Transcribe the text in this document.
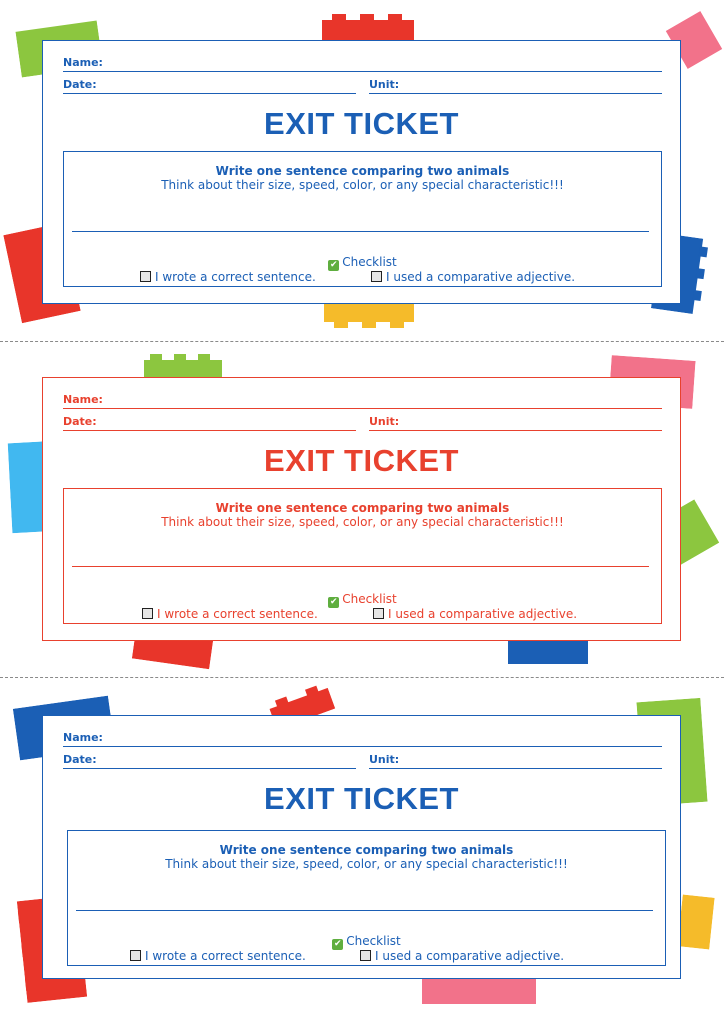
Name:
Date:	Unit:
EXIT TICKET
Write one sentence comparing two animals
Think about their size, speed, color, or any special characteristic!!!
✔ Checklist
I wrote a correct sentence.	I used a comparative adjective.
Name:
Date:	Unit:
EXIT TICKET
Write one sentence comparing two animals
Think about their size, speed, color, or any special characteristic!!!
✔ Checklist
I wrote a correct sentence.	I used a comparative adjective.
Name:
Date:	Unit:
EXIT TICKET
Write one sentence comparing two animals
Think about their size, speed, color, or any special characteristic!!!
✔ Checklist
I wrote a correct sentence.	I used a comparative adjective.
